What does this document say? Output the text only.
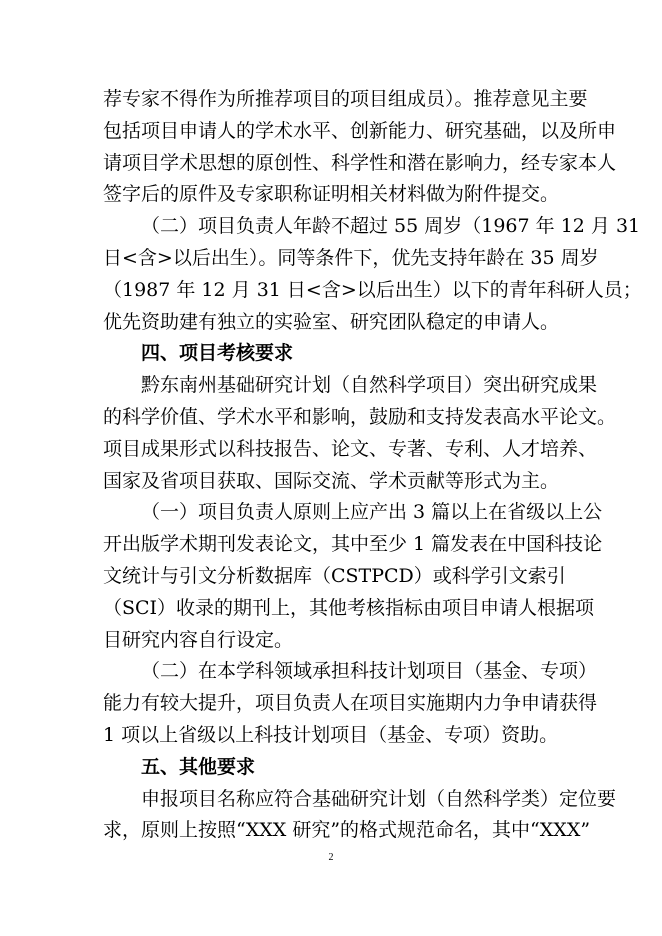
荐专家不得作为所推荐项目的项目组成员）。推荐意见主要
包括项目申请人的学术水平、创新能力、研究基础，以及所申
请项目学术思想的原创性、科学性和潜在影响力，经专家本人
签字后的原件及专家职称证明相关材料做为附件提交。
（二）项目负责人年龄不超过 55 周岁（1967 年 12 月 31
日<含>以后出生）。同等条件下，优先支持年龄在 35 周岁
（1987 年 12 月 31 日<含>以后出生）以下的青年科研人员；
优先资助建有独立的实验室、研究团队稳定的申请人。
四、项目考核要求
黔东南州基础研究计划（自然科学项目）突出研究成果
的科学价值、学术水平和影响，鼓励和支持发表高水平论文。
项目成果形式以科技报告、论文、专著、专利、人才培养、
国家及省项目获取、国际交流、学术贡献等形式为主。
（一）项目负责人原则上应产出 3 篇以上在省级以上公
开出版学术期刊发表论文，其中至少 1 篇发表在中国科技论
文统计与引文分析数据库（CSTPCD）或科学引文索引
（SCI）收录的期刊上，其他考核指标由项目申请人根据项
目研究内容自行设定。
（二）在本学科领域承担科技计划项目（基金、专项）
能力有较大提升，项目负责人在项目实施期内力争申请获得
1 项以上省级以上科技计划项目（基金、专项）资助。
五、其他要求
申报项目名称应符合基础研究计划（自然科学类）定位要
求，原则上按照“XXX 研究”的格式规范命名，其中“XXX”
2
